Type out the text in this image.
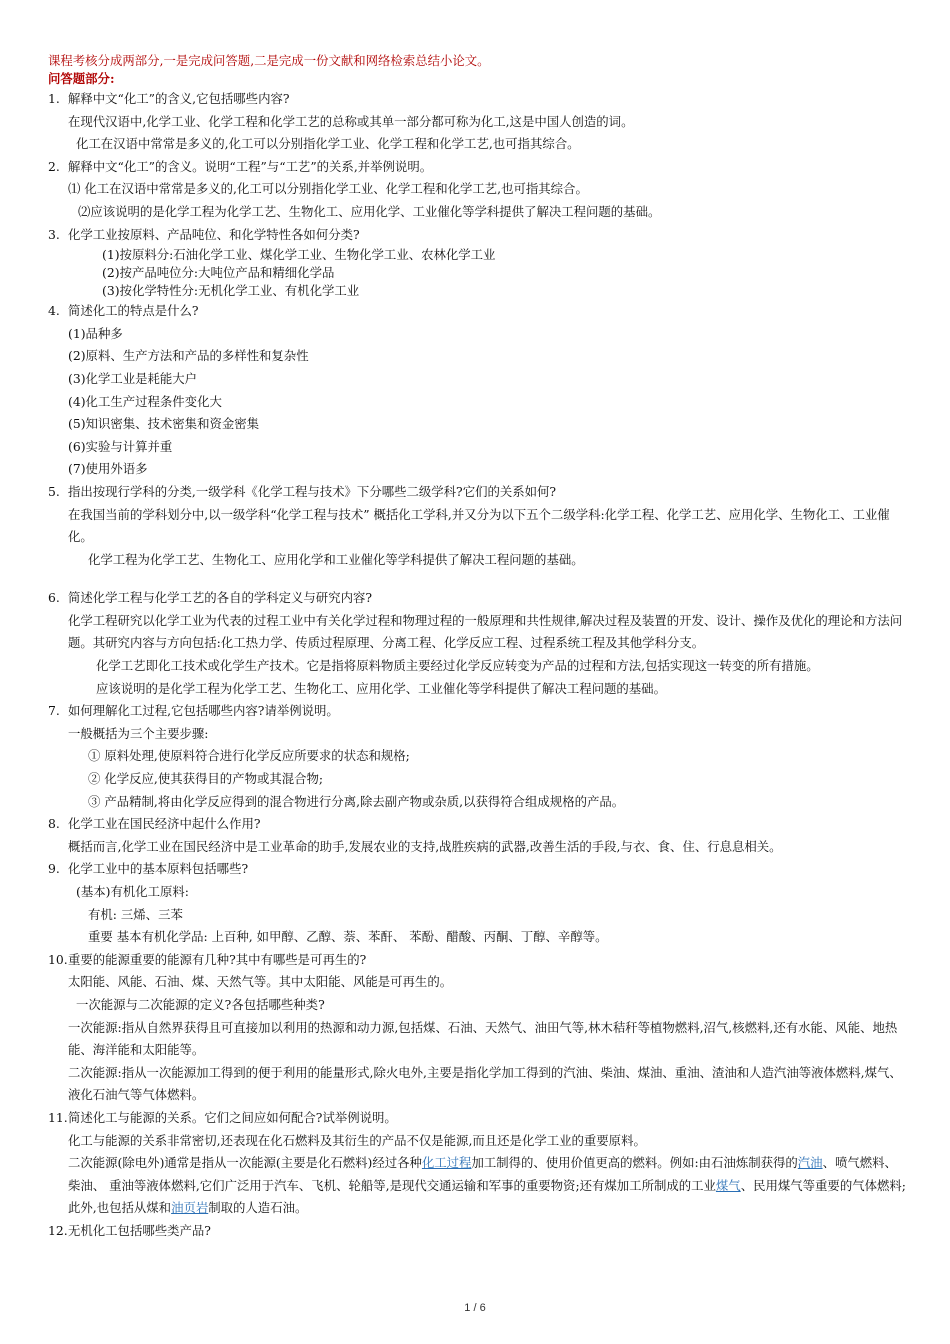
课程考核分成两部分,一是完成问答题,二是完成一份文献和网络检索总结小论文。
问答题部分:
1. 解释中文“化工”的含义,它包括哪些内容?
在现代汉语中,化学工业、化学工程和化学工艺的总称或其单一部分都可称为化工,这是中国人创造的词。
化工在汉语中常常是多义的,化工可以分别指化学工业、化学工程和化学工艺,也可指其综合。
2. 解释中文“化工”的含义。说明“工程”与“工艺”的关系,并举例说明。
⑴ 化工在汉语中常常是多义的,化工可以分别指化学工业、化学工程和化学工艺,也可指其综合。
⑵应该说明的是化学工程为化学工艺、生物化工、应用化学、工业催化等学科提供了解决工程问题的基础。
3. 化学工业按原料、产品吨位、和化学特性各如何分类?
(1)按原料分:石油化学工业、煤化学工业、生物化学工业、农林化学工业
(2)按产品吨位分:大吨位产品和精细化学品
(3)按化学特性分:无机化学工业、有机化学工业
4. 简述化工的特点是什么?
(1)品种多
(2)原料、生产方法和产品的多样性和复杂性
(3)化学工业是耗能大户
(4)化工生产过程条件变化大
(5)知识密集、技术密集和资金密集
(6)实验与计算并重
(7)使用外语多
5. 指出按现行学科的分类,一级学科《化学工程与技术》下分哪些二级学科?它们的关系如何?
在我国当前的学科划分中,以一级学科“化学工程与技术” 概括化工学科,并又分为以下五个二级学科:化学工程、化学工艺、应用化学、生物化工、工业催化。
化学工程为化学工艺、生物化工、应用化学和工业催化等学科提供了解决工程问题的基础。
6. 简述化学工程与化学工艺的各自的学科定义与研究内容?
化学工程研究以化学工业为代表的过程工业中有关化学过程和物理过程的一般原理和共性规律,解决过程及装置的开发、设计、操作及优化的理论和方法问题。其研究内容与方向包括:化工热力学、传质过程原理、分离工程、化学反应工程、过程系统工程及其他学科分支。
化学工艺即化工技术或化学生产技术。它是指将原料物质主要经过化学反应转变为产品的过程和方法,包括实现这一转变的所有措施。
应该说明的是化学工程为化学工艺、生物化工、应用化学、工业催化等学科提供了解决工程问题的基础。
7. 如何理解化工过程,它包括哪些内容?请举例说明。
一般概括为三个主要步骤:
① 原料处理,使原料符合进行化学反应所要求的状态和规格;
② 化学反应,使其获得目的产物或其混合物;
③ 产品精制,将由化学反应得到的混合物进行分离,除去副产物或杂质,以获得符合组成规格的产品。
8. 化学工业在国民经济中起什么作用?
概括而言,化学工业在国民经济中是工业革命的助手,发展农业的支持,战胜疾病的武器,改善生活的手段,与衣、食、住、行息息相关。
9. 化学工业中的基本原料包括哪些?
(基本)有机化工原料:
有机: 三烯、三苯
重要 基本有机化学品: 上百种, 如甲醇、乙醇、萘、苯酐、 苯酚、醋酸、丙酮、丁醇、辛醇等。
10.重要的能源重要的能源有几种?其中有哪些是可再生的?
太阳能、风能、石油、煤、天然气等。其中太阳能、风能是可再生的。
一次能源与二次能源的定义?各包括哪些种类?
一次能源:指从自然界获得且可直接加以利用的热源和动力源,包括煤、石油、天然气、油田气等,林木秸秆等植物燃料,沼气,核燃料,还有水能、风能、地热能、海洋能和太阳能等。
二次能源:指从一次能源加工得到的便于利用的能量形式,除火电外,主要是指化学加工得到的汽油、柴油、煤油、重油、渣油和人造汽油等液体燃料,煤气、液化石油气等气体燃料。
11.简述化工与能源的关系。它们之间应如何配合?试举例说明。
化工与能源的关系非常密切,还表现在化石燃料及其衍生的产品不仅是能源,而且还是化学工业的重要原料。
二次能源(除电外)通常是指从一次能源(主要是化石燃料)经过各种化工过程加工制得的、使用价值更高的燃料。例如:由石油炼制获得的汽油、喷气燃料、 柴油、 重油等液体燃料,它们广泛用于汽车、飞机、轮船等,是现代交通运输和军事的重要物资;还有煤加工所制成的工业煤气、民用煤气等重要的气体燃料;此外,也包括从煤和油页岩制取的人造石油。
12.无机化工包括哪些类产品?
1 / 6
